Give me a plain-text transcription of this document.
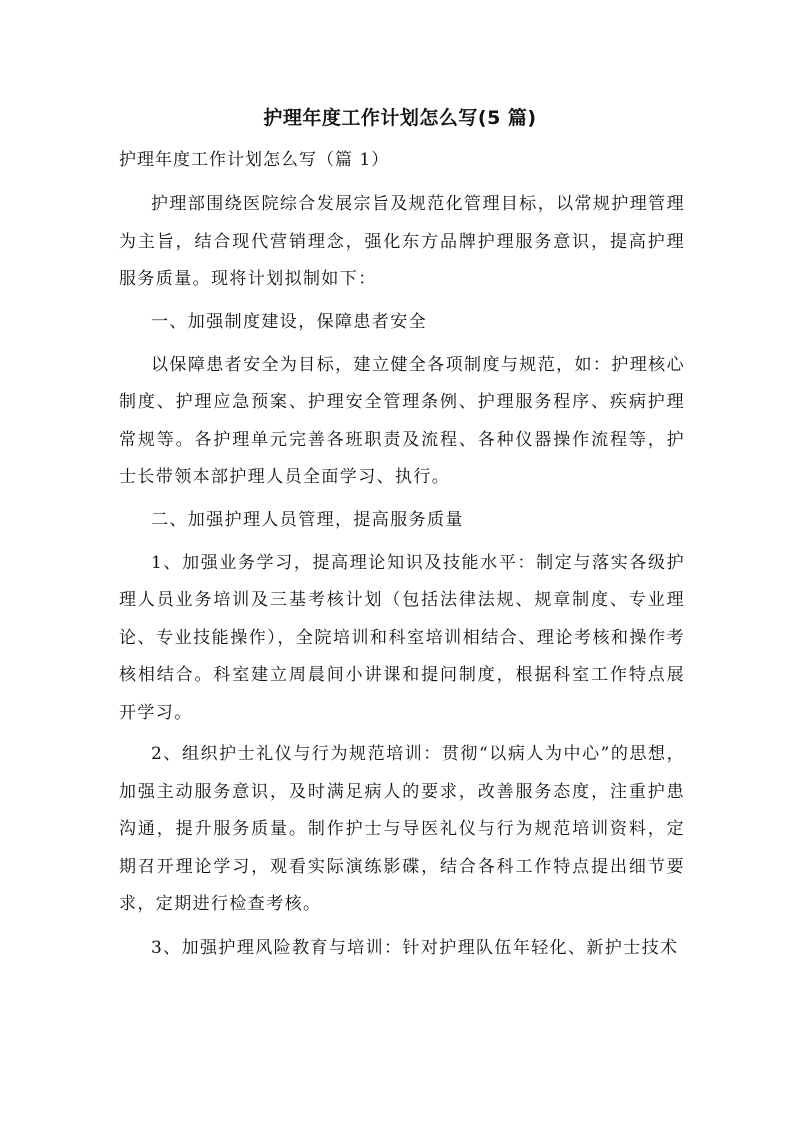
护理年度工作计划怎么写(5 篇)
护理年度工作计划怎么写（篇 1）

护理部围绕医院综合发展宗旨及规范化管理目标，以常规护理管理为主旨，结合现代营销理念，强化东方品牌护理服务意识，提高护理服务质量。现将计划拟制如下：

一、加强制度建设，保障患者安全

以保障患者安全为目标，建立健全各项制度与规范，如：护理核心制度、护理应急预案、护理安全管理条例、护理服务程序、疾病护理常规等。各护理单元完善各班职责及流程、各种仪器操作流程等，护士长带领本部护理人员全面学习、执行。

二、加强护理人员管理，提高服务质量

1、加强业务学习，提高理论知识及技能水平：制定与落实各级护理人员业务培训及三基考核计划（包括法律法规、规章制度、专业理论、专业技能操作），全院培训和科室培训相结合、理论考核和操作考核相结合。科室建立周晨间小讲课和提问制度，根据科室工作特点展开学习。

2、组织护士礼仪与行为规范培训：贯彻“以病人为中心”的思想，加强主动服务意识，及时满足病人的要求，改善服务态度，注重护患沟通，提升服务质量。制作护士与导医礼仪与行为规范培训资料，定期召开理论学习，观看实际演练影碟，结合各科工作特点提出细节要求，定期进行检查考核。

3、加强护理风险教育与培训：针对护理队伍年轻化、新护士技术
